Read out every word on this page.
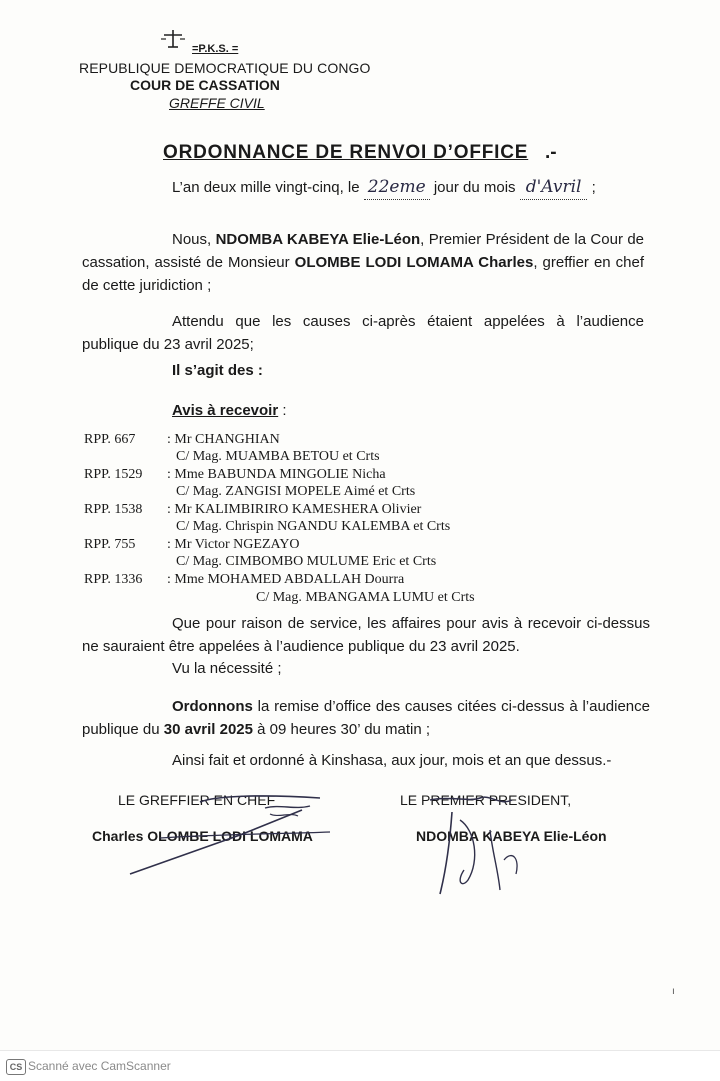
=P.K.S. =
REPUBLIQUE DEMOCRATIQUE DU CONGO
COUR DE CASSATION
GREFFE CIVIL
ORDONNANCE DE RENVOI D’OFFICE .-
L’an deux mille vingt-cinq, le 22eme jour du mois d'Avril ;
Nous, NDOMBA KABEYA Elie-Léon, Premier Président de la Cour de cassation, assisté de Monsieur OLOMBE LODI LOMAMA Charles, greffier en chef de cette juridiction ;
Attendu que les causes ci-après étaient appelées à l’audience publique du 23 avril 2025;
Il s’agit des :
Avis à recevoir :
RPP. 667 : Mr CHANGHIAN
C/ Mag. MUAMBA BETOU et Crts
RPP. 1529 : Mme BABUNDA MINGOLIE Nicha
C/ Mag. ZANGISI MOPELE Aimé et Crts
RPP. 1538 : Mr KALIMBIRIRO KAMESHERA Olivier
C/ Mag. Chrispin NGANDU KALEMBA et Crts
RPP. 755 : Mr Victor NGEZAYO
C/ Mag. CIMBOMBO MULUME Eric et Crts
RPP. 1336 : Mme MOHAMED ABDALLAH Dourra
C/ Mag. MBANGAMA LUMU et Crts
Que pour raison de service, les affaires pour avis à recevoir ci-dessus ne sauraient être appelées à l’audience publique du 23 avril 2025.
Vu la nécessité ;
Ordonnons la remise d’office des causes citées ci-dessus à l’audience publique du 30 avril 2025 à 09 heures 30’ du matin ;
Ainsi fait et ordonné à Kinshasa, aux jour, mois et an que dessus.-
LE GREFFIER EN CHEF
Charles OLOMBE LODI LOMAMA
LE PREMIER PRESIDENT,
NDOMBA KABEYA Elie-Léon
ı
CS Scanné avec CamScanner
